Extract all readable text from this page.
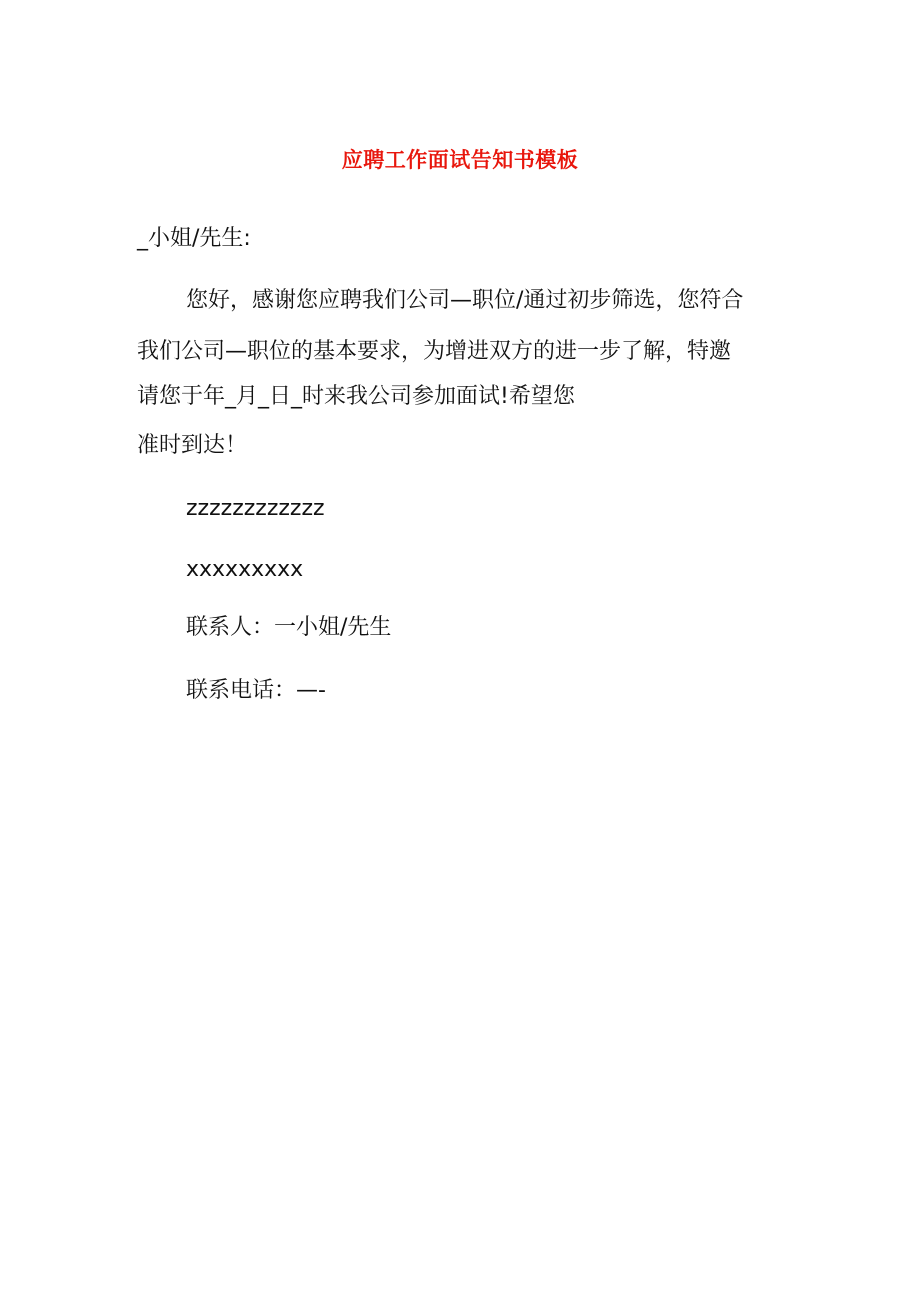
应聘工作面试告知书模板
_小姐/先生:
您好，感谢您应聘我们公司—职位/通过初步筛选，您符合
我们公司—职位的基本要求，为增进双方的进一步了解，特邀
请您于年_月_日_时来我公司参加面试!希望您
准时到达！
zzzzzzzzzzzz
xxxxxxxxx
联系人：一小姐/先生
联系电话：—-
